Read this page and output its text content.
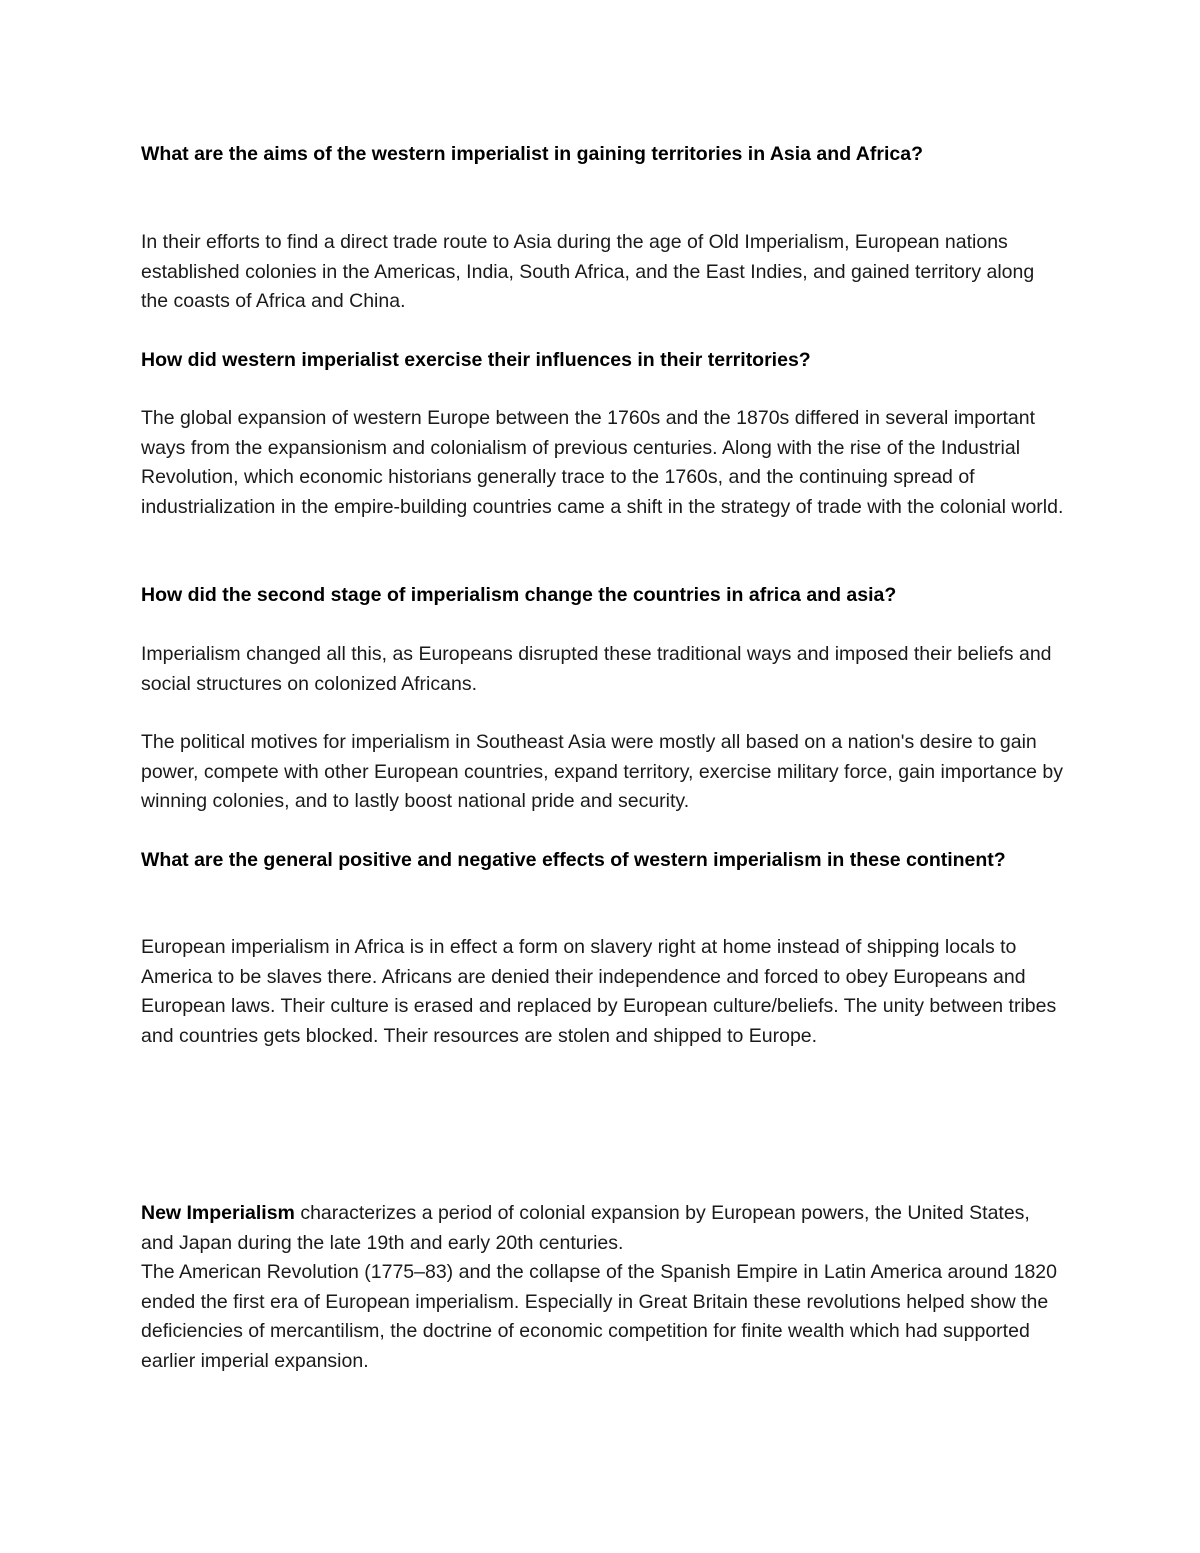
What are the aims of the western imperialist in gaining territories in Asia and Africa?

In their efforts to find a direct trade route to Asia during the age of Old Imperialism, European nations established colonies in the Americas, India, South Africa, and the East Indies, and gained territory along the coasts of Africa and China.

How did western imperialist exercise their influences in their territories?

The global expansion of western Europe between the 1760s and the 1870s differed in several important ways from the expansionism and colonialism of previous centuries. Along with the rise of the Industrial Revolution, which economic historians generally trace to the 1760s, and the continuing spread of industrialization in the empire-building countries came a shift in the strategy of trade with the colonial world.

How did the second stage of imperialism change the countries in africa and asia?

Imperialism changed all this, as Europeans disrupted these traditional ways and imposed their beliefs and social structures on colonized Africans.

The political motives for imperialism in Southeast Asia were mostly all based on a nation's desire to gain power, compete with other European countries, expand territory, exercise military force, gain importance by winning colonies, and to lastly boost national pride and security.

What are the general positive and negative effects of western imperialism in these continent?

European imperialism in Africa is in effect a form on slavery right at home instead of shipping locals to America to be slaves there. Africans are denied their independence and forced to obey Europeans and European laws. Their culture is erased and replaced by European culture/beliefs. The unity between tribes and countries gets blocked. Their resources are stolen and shipped to Europe.

New Imperialism characterizes a period of colonial expansion by European powers, the United States, and Japan during the late 19th and early 20th centuries.

The American Revolution (1775–83) and the collapse of the Spanish Empire in Latin America around 1820 ended the first era of European imperialism. Especially in Great Britain these revolutions helped show the deficiencies of mercantilism, the doctrine of economic competition for finite wealth which had supported earlier imperial expansion.
